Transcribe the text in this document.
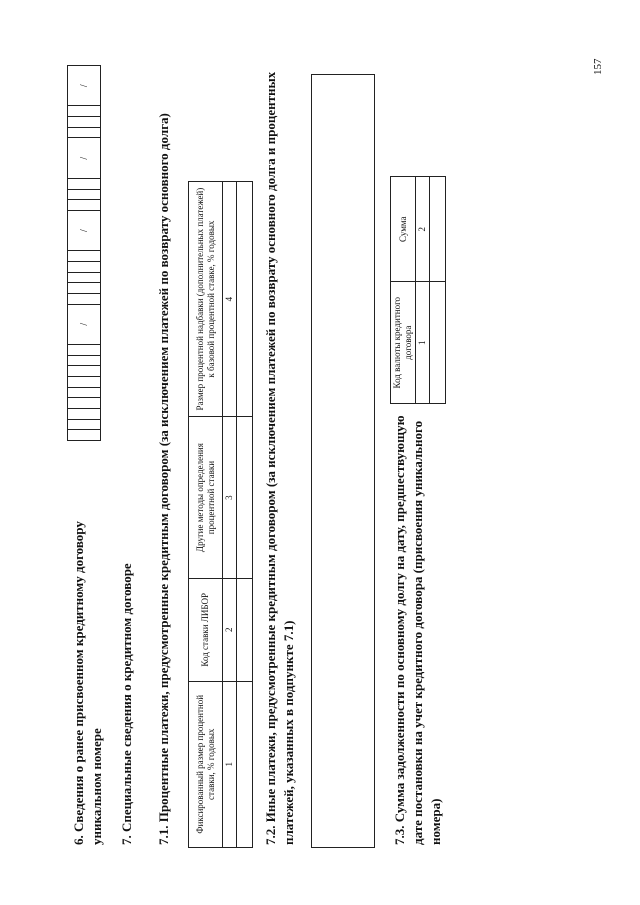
6. Сведения о ранее присвоенном кредитному договору уникальном номере
									/						/				/				/
7. Специальные сведения о кредитном договоре 7.1. Процентные платежи, предусмотренные кредитным договором (за исключением платежей по возврату основного долга)	Фиксированный размер процентной ставки, % годовых	Код ставки ЛИБОР	Другие методы определения процентной ставки	Размер процентной надбавки (дополнительных платежей) к базовой процентной ставке, % годовых
1	2	3	4
			7.2. Иные платежи, предусмотренные кредитным договором (за исключением платежей по возврату основного долга и процентных платежей, указанных в подпункте 7.1)	7.3. Сумма задолженности по основному долгу на дату, предшествующую дате постановки на учет кредитного договора (присвоения уникального номера)
Код валюты кредитного договора	Сумма
1	2

157
